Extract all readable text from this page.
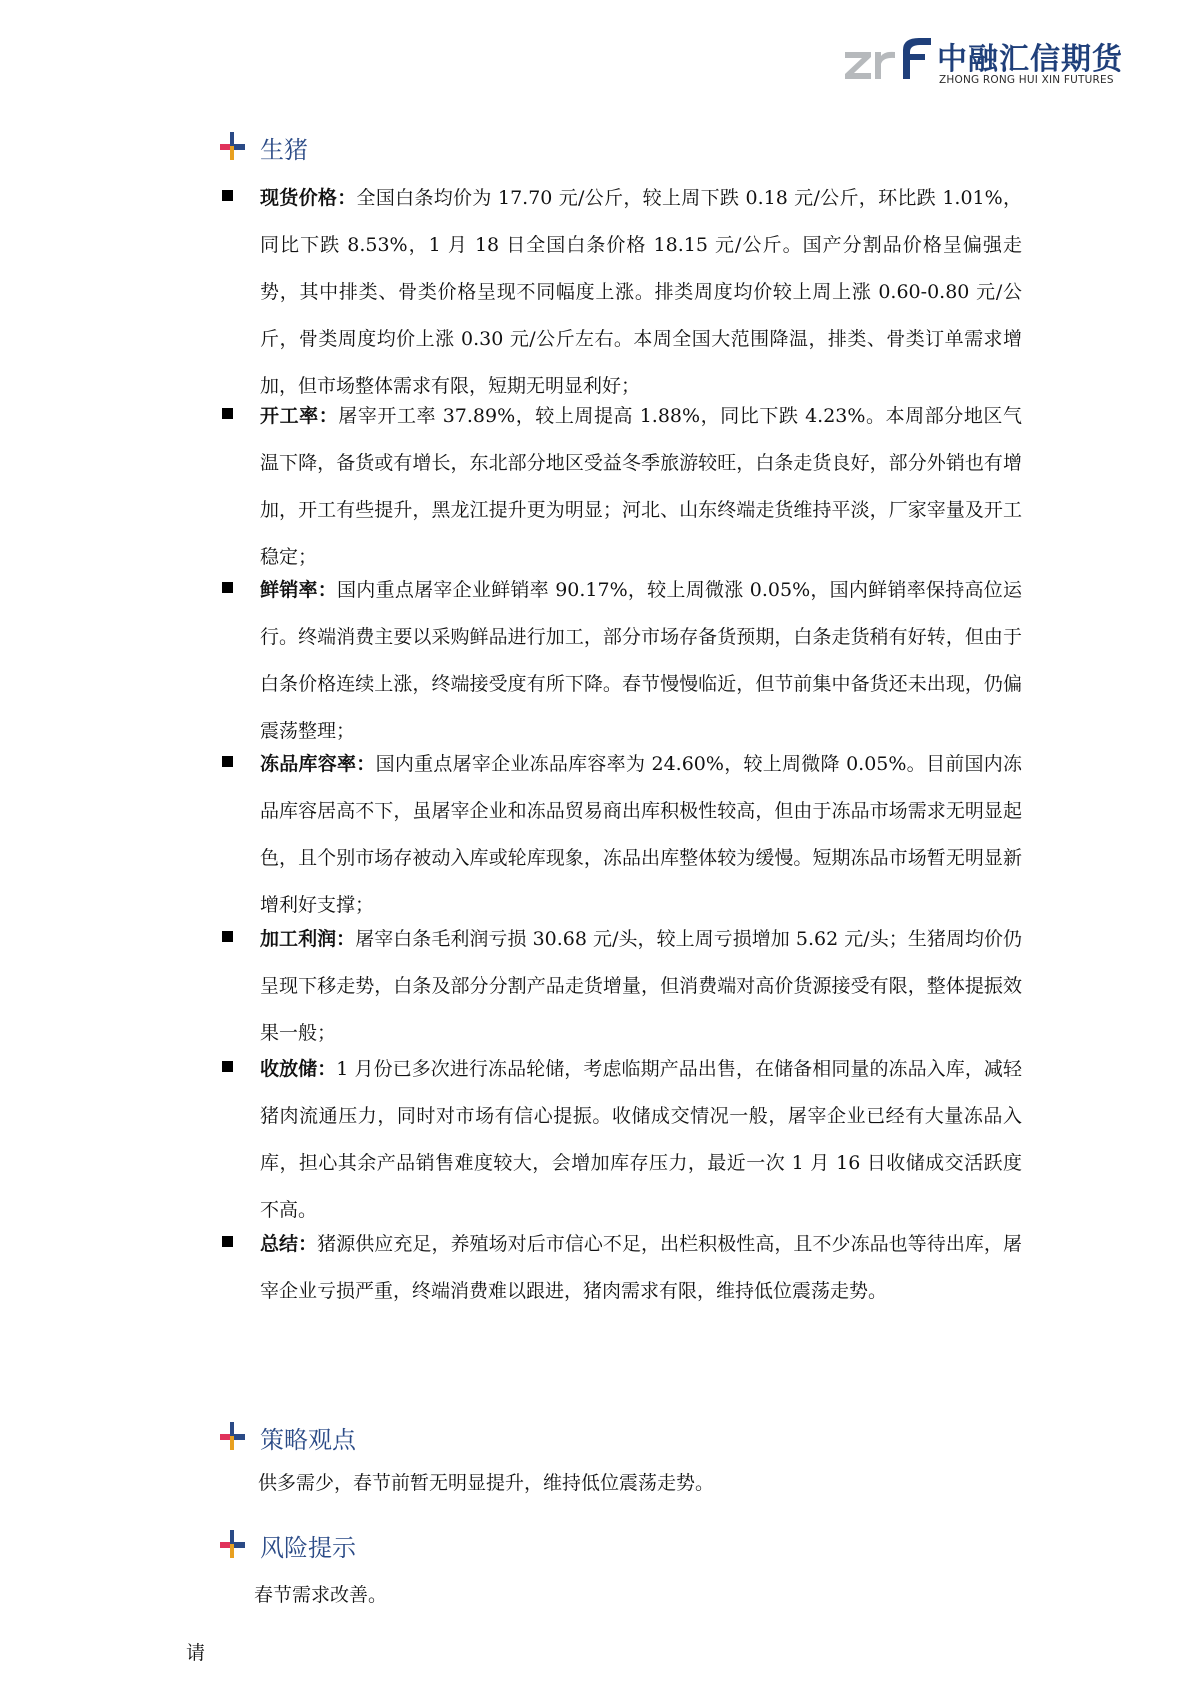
中融汇信期货
ZHONG RONG HUI XIN FUTURES
生猪
现货价格：全国白条均价为 17.70 元/公斤，较上周下跌 0.18 元/公斤，环比跌 1.01%，同比下跌 8.53%，1 月 18 日全国白条价格 18.15 元/公斤。国产分割品价格呈偏强走势，其中排类、骨类价格呈现不同幅度上涨。排类周度均价较上周上涨 0.60-0.80 元/公斤，骨类周度均价上涨 0.30 元/公斤左右。本周全国大范围降温，排类、骨类订单需求增加，但市场整体需求有限，短期无明显利好；
开工率：屠宰开工率 37.89%，较上周提高 1.88%，同比下跌 4.23%。本周部分地区气温下降，备货或有增长，东北部分地区受益冬季旅游较旺，白条走货良好，部分外销也有增加，开工有些提升，黑龙江提升更为明显；河北、山东终端走货维持平淡，厂家宰量及开工稳定；
鲜销率：国内重点屠宰企业鲜销率 90.17%，较上周微涨 0.05%，国内鲜销率保持高位运行。终端消费主要以采购鲜品进行加工，部分市场存备货预期，白条走货稍有好转，但由于白条价格连续上涨，终端接受度有所下降。春节慢慢临近，但节前集中备货还未出现，仍偏震荡整理；
冻品库容率：国内重点屠宰企业冻品库容率为 24.60%，较上周微降 0.05%。目前国内冻品库容居高不下，虽屠宰企业和冻品贸易商出库积极性较高，但由于冻品市场需求无明显起色，且个别市场存被动入库或轮库现象，冻品出库整体较为缓慢。短期冻品市场暂无明显新增利好支撑；
加工利润：屠宰白条毛利润亏损 30.68 元/头，较上周亏损增加 5.62 元/头；生猪周均价仍呈现下移走势，白条及部分分割产品走货增量，但消费端对高价货源接受有限，整体提振效果一般；
收放储：1 月份已多次进行冻品轮储，考虑临期产品出售，在储备相同量的冻品入库，减轻猪肉流通压力，同时对市场有信心提振。收储成交情况一般，屠宰企业已经有大量冻品入库，担心其余产品销售难度较大，会增加库存压力，最近一次 1 月 16 日收储成交活跃度不高。
总结：猪源供应充足，养殖场对后市信心不足，出栏积极性高，且不少冻品也等待出库，屠宰企业亏损严重，终端消费难以跟进，猪肉需求有限，维持低位震荡走势。
策略观点
供多需少，春节前暂无明显提升，维持低位震荡走势。
风险提示
春节需求改善。
请
